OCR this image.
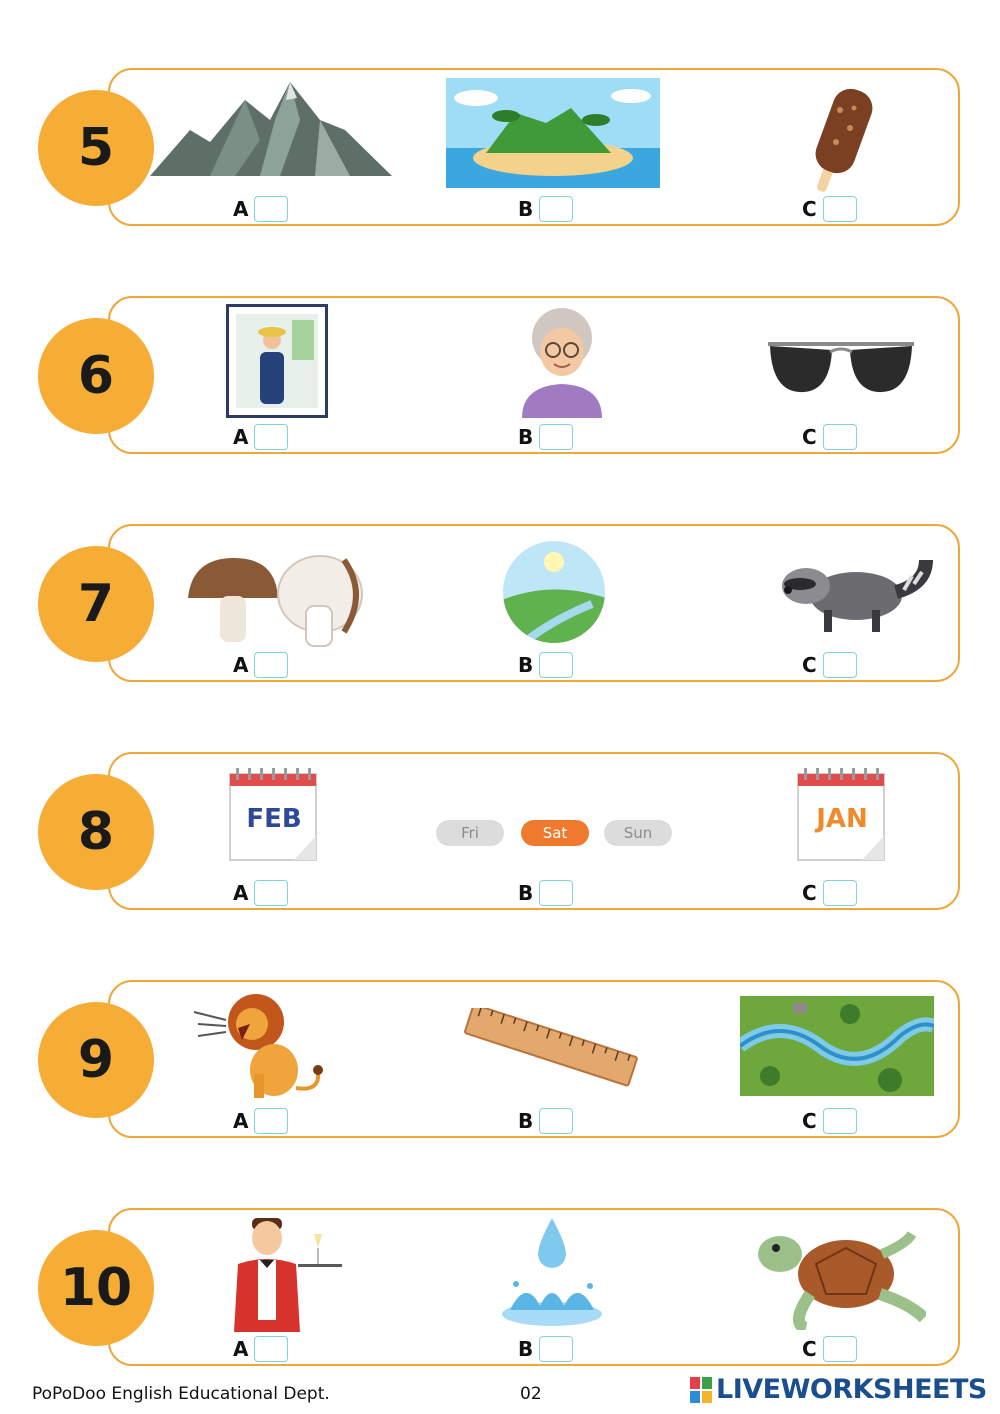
5
A	B	C
6
A	B	C
7
A	B	C
8	FEB	Fri	Sat	Sun	JAN
A	B	C
9
A	B	C
10
A	B	C
PoPoDoo English Educational Dept.	02	LIVEWORKSHEETS
